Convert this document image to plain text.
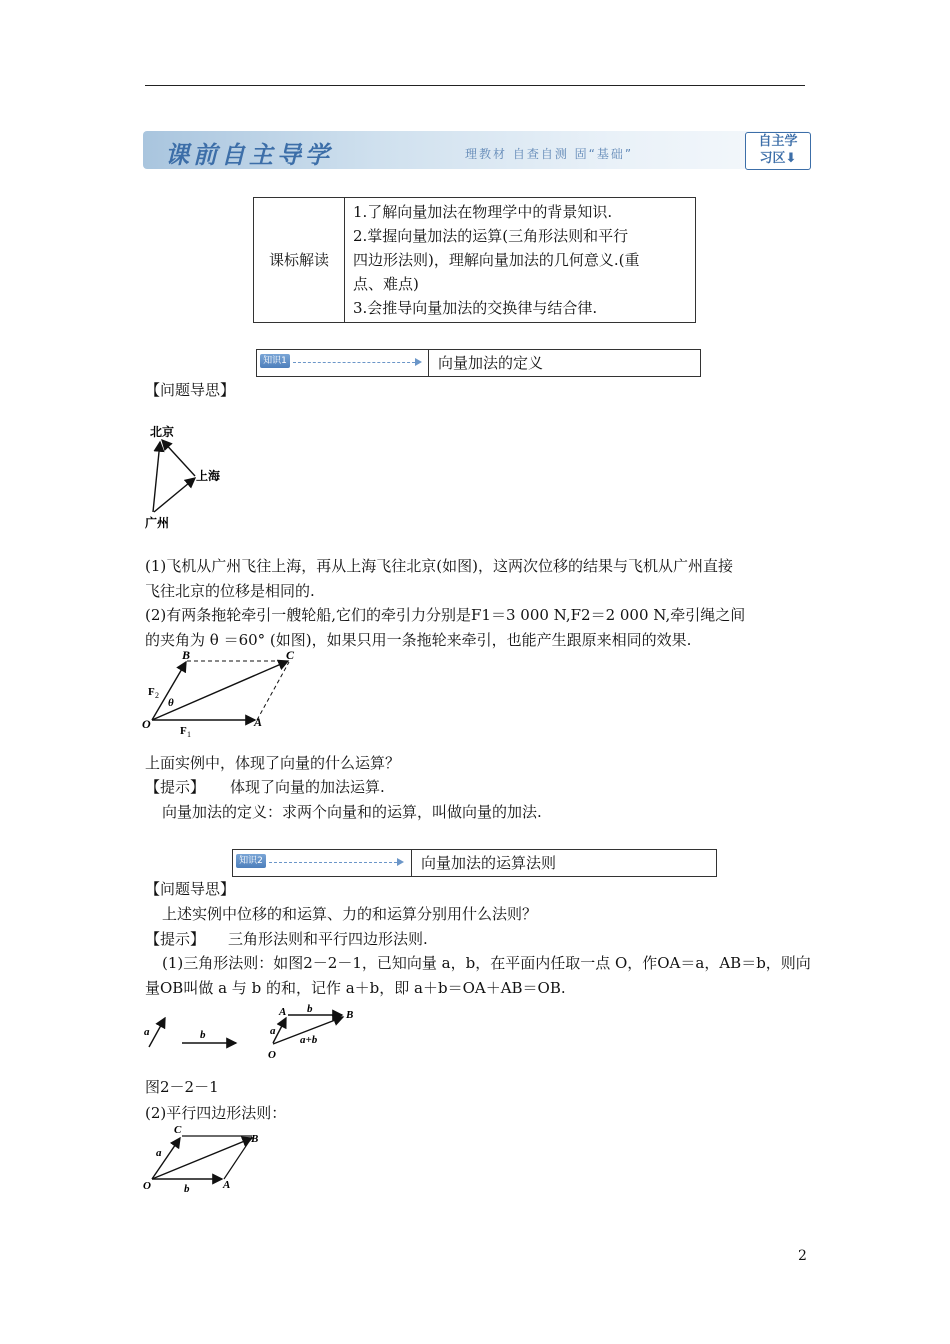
课前自主导学	理教材 自查自测 固“基础”
自主学
习区⬇
课标解读	
1.了解向量加法在物理学中的背景知识.
2.掌握向量加法的运算(三角形法则和平行
四边形法则)，理解向量加法的几何意义.(重
点、难点)
3.会推导向量加法的交换律与结合律.
知识1	向量加法的定义
【问题导思】
北京
上海
广州
(1)飞机从广州飞往上海，再从上海飞往北京(如图)，这两次位移的结果与飞机从广州直接
飞往北京的位移是相同的.
(2)有两条拖轮牵引一艘轮船,它们的牵引力分别是F1＝3 000 N,F2＝2 000 N,牵引绳之间
的夹角为 θ ＝60° (如图)，如果只用一条拖轮来牵引，也能产生跟原来相同的效果.
B	C
O	A
θ
F 2
F 1
上面实例中，体现了向量的什么运算？
【提示】 体现了向量的加法运算.
向量加法的定义：求两个向量和的运算，叫做向量的加法.
知识2	向量加法的运算法则
【问题导思】
上述实例中位移的和运算、力的和运算分别用什么法则？
【提示】 三角形法则和平行四边形法则.
(1)三角形法则：如图2－2－1，已知向量 a，b，在平面内任取一点 O，作OA＝a，AB＝b，则向
量OB叫做 a 与 b 的和，记作 a＋b，即 a＋b＝OA＋AB＝OB.
a	b	a
b
a+b
A	B
O
图2－2－1
(2)平行四边形法则：
C
B
O	A
a
b
2
